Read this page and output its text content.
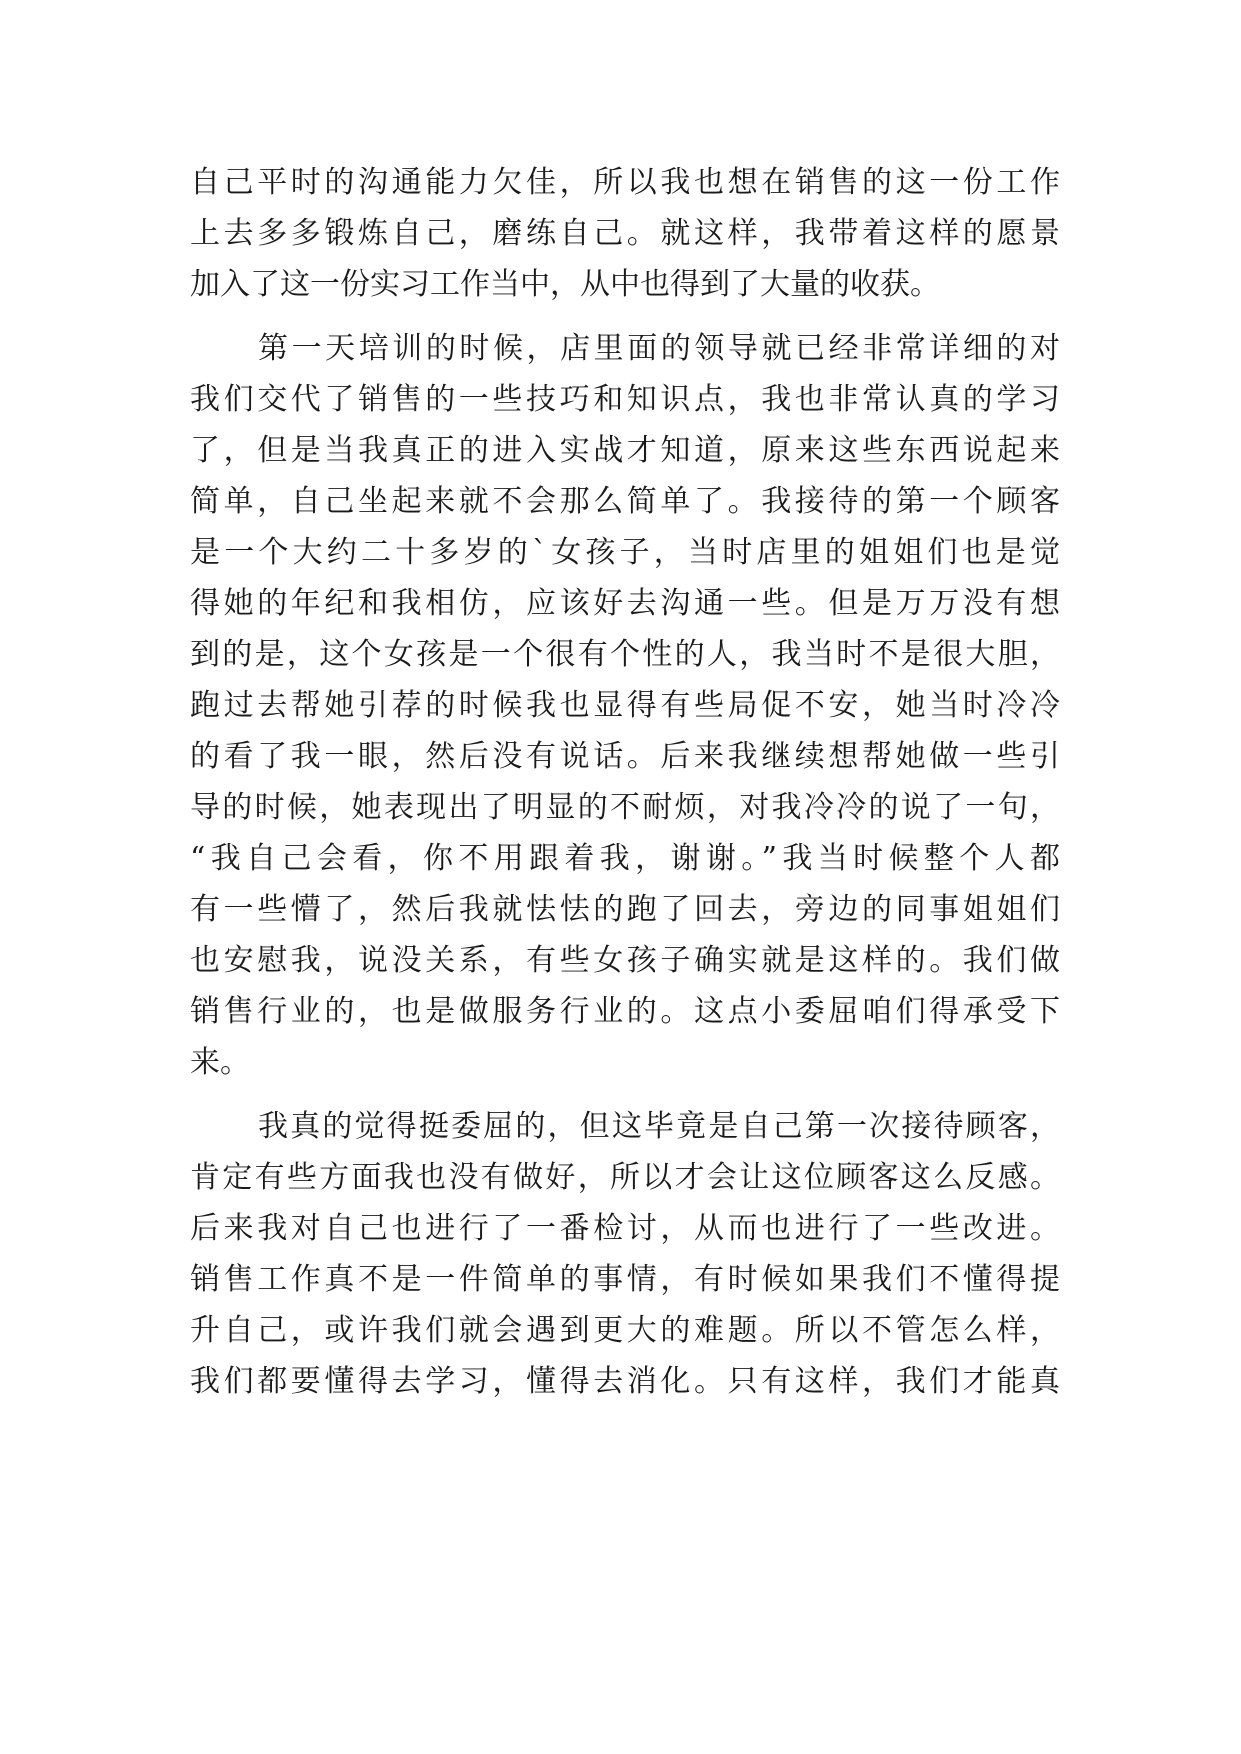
自己平时的沟通能力欠佳，所以我也想在销售的这一份工作
上去多多锻炼自己，磨练自己。就这样，我带着这样的愿景
加入了这一份实习工作当中，从中也得到了大量的收获。
第一天培训的时候，店里面的领导就已经非常详细的对
我们交代了销售的一些技巧和知识点，我也非常认真的学习
了，但是当我真正的进入实战才知道，原来这些东西说起来
简单，自己坐起来就不会那么简单了。我接待的第一个顾客
是一个大约二十多岁的`女孩子，当时店里的姐姐们也是觉
得她的年纪和我相仿，应该好去沟通一些。但是万万没有想
到的是，这个女孩是一个很有个性的人，我当时不是很大胆，
跑过去帮她引荐的时候我也显得有些局促不安，她当时冷冷
的看了我一眼，然后没有说话。后来我继续想帮她做一些引
导的时候，她表现出了明显的不耐烦，对我冷冷的说了一句，
“我自己会看，你不用跟着我，谢谢。”我当时候整个人都
有一些懵了，然后我就怯怯的跑了回去，旁边的同事姐姐们
也安慰我，说没关系，有些女孩子确实就是这样的。我们做
销售行业的，也是做服务行业的。这点小委屈咱们得承受下
来。
我真的觉得挺委屈的，但这毕竟是自己第一次接待顾客，
肯定有些方面我也没有做好，所以才会让这位顾客这么反感。
后来我对自己也进行了一番检讨，从而也进行了一些改进。
销售工作真不是一件简单的事情，有时候如果我们不懂得提
升自己，或许我们就会遇到更大的难题。所以不管怎么样，
我们都要懂得去学习，懂得去消化。只有这样，我们才能真
